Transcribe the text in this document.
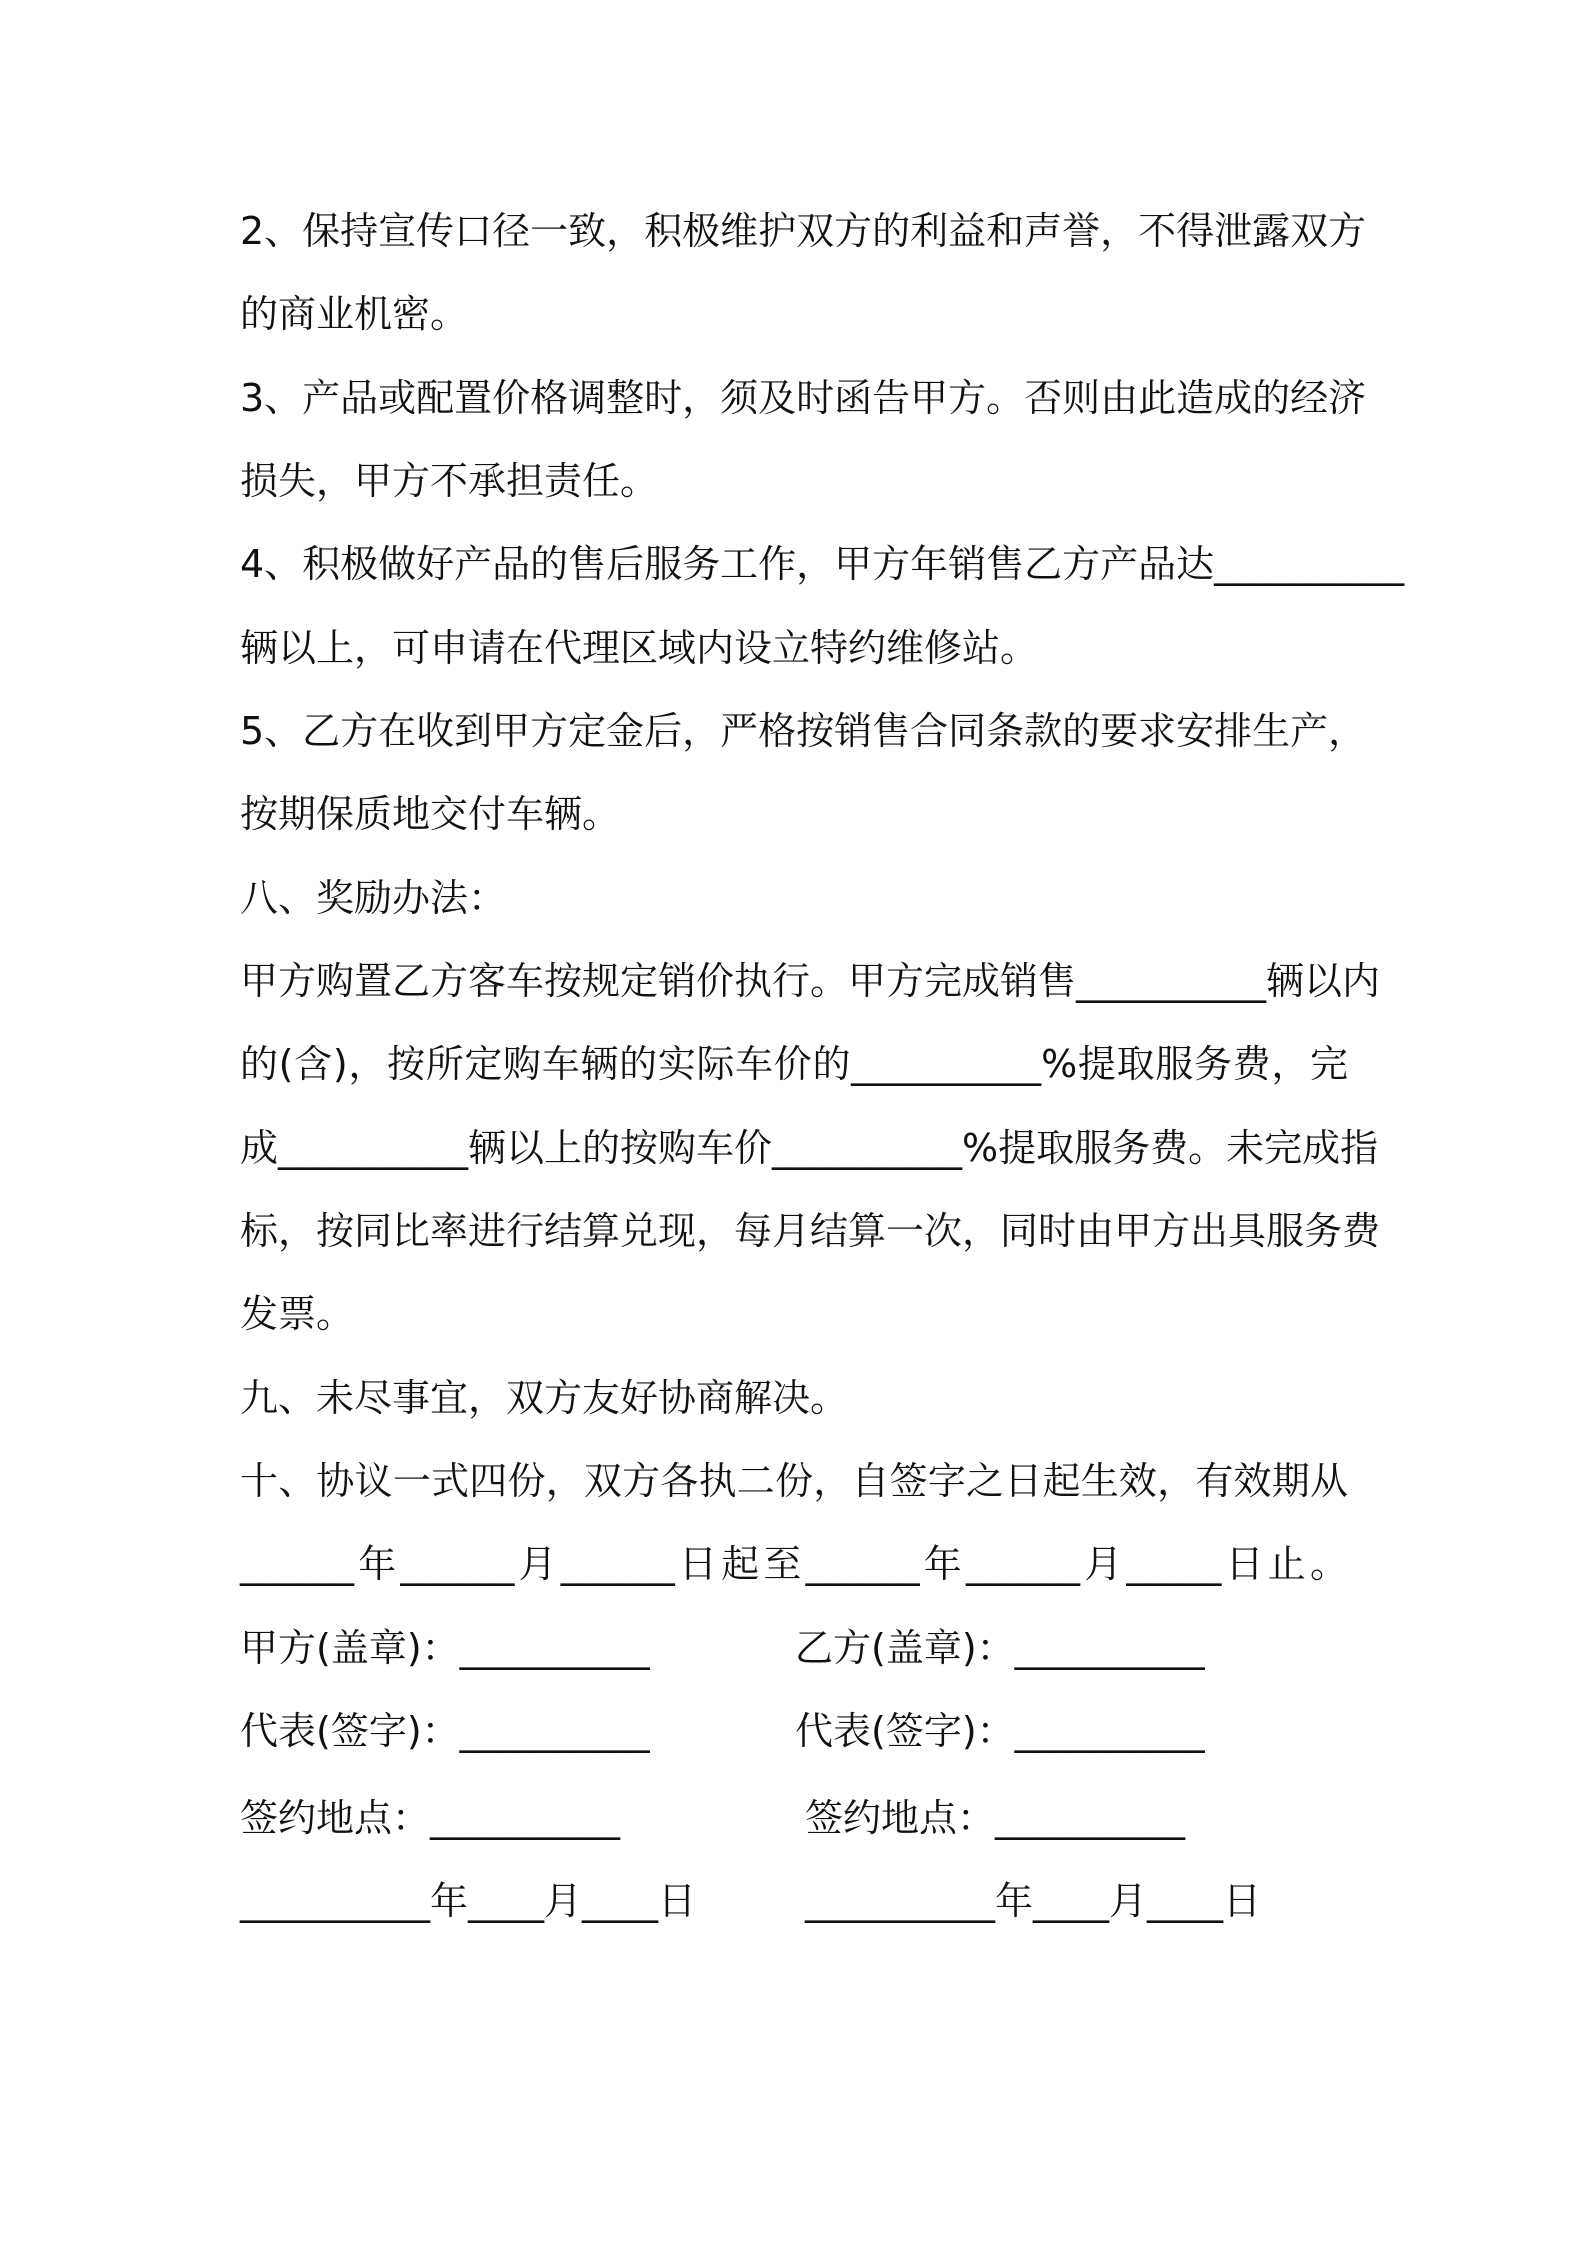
2、保持宣传口径一致，积极维护双方的利益和声誉，不得泄露双方
的商业机密。
3、产品或配置价格调整时，须及时函告甲方。否则由此造成的经济
损失，甲方不承担责任。
4、积极做好产品的售后服务工作，甲方年销售乙方产品达__________
辆以上，可申请在代理区域内设立特约维修站。
5、乙方在收到甲方定金后，严格按销售合同条款的要求安排生产，
按期保质地交付车辆。
八、奖励办法：
甲方购置乙方客车按规定销价执行。甲方完成销售__________辆以内
的(含)，按所定购车辆的实际车价的__________%提取服务费，完
成__________辆以上的按购车价__________%提取服务费。未完成指
标，按同比率进行结算兑现，每月结算一次，同时由甲方出具服务费
发票。
九、未尽事宜，双方友好协商解决。
十、协议一式四份，双方各执二份，自签字之日起生效，有效期从
______年______月______日起至______年______月_____日止。
甲方(盖章)：__________	乙方(盖章)：__________
代表(签字)：__________	代表(签字)：__________
签约地点：__________	签约地点：__________
__________年____月____日	__________年____月____日
